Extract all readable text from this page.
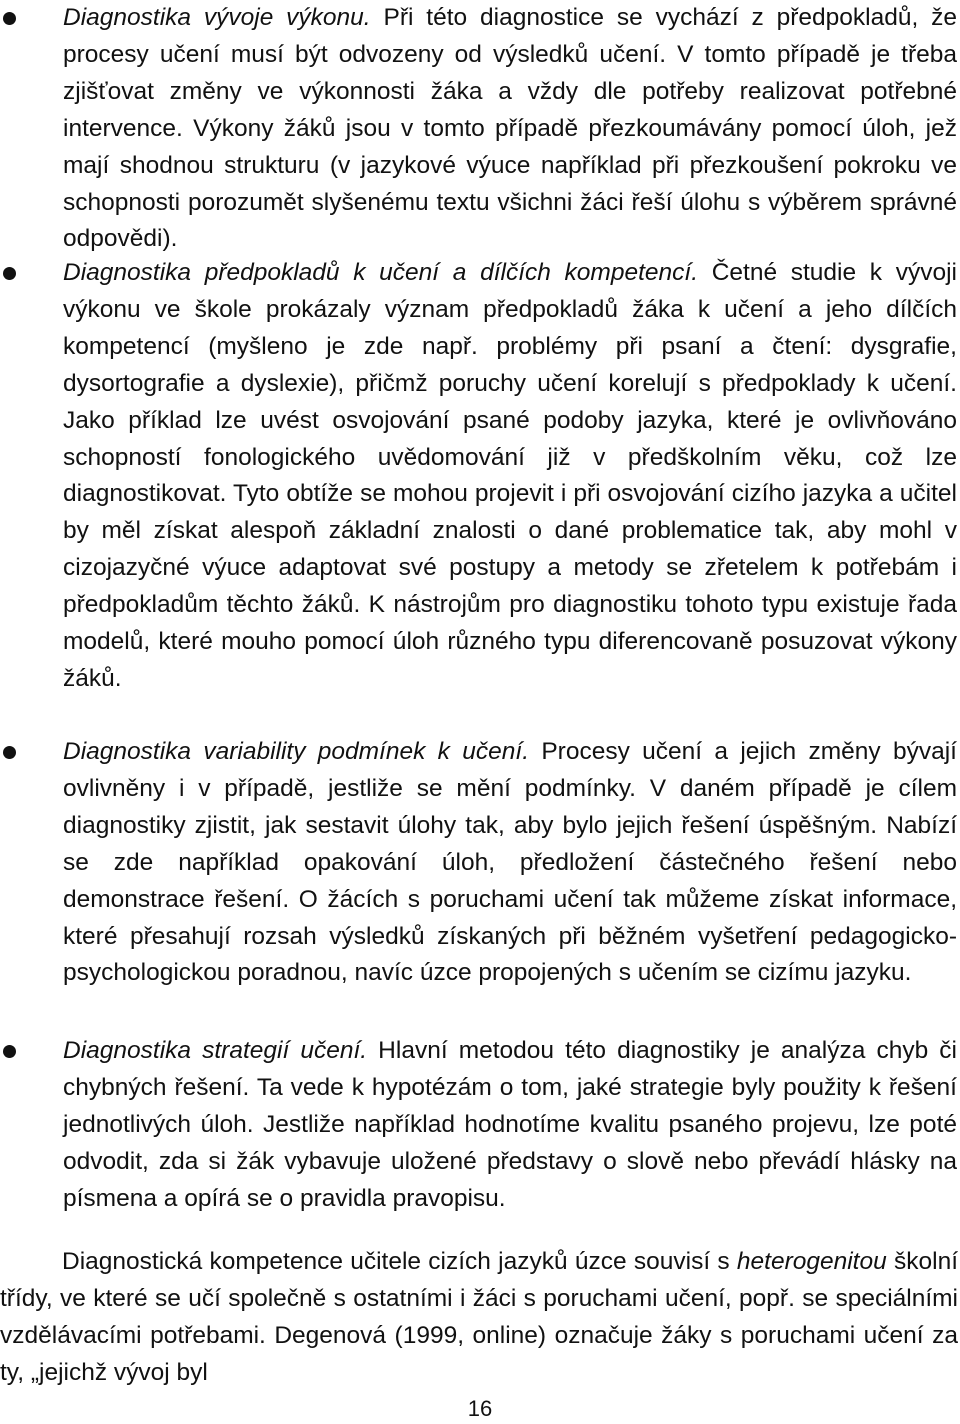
Diagnostika vývoje výkonu. Při této diagnostice se vychází z předpokladů, že procesy učení musí být odvozeny od výsledků učení. V tomto případě je třeba zjišťovat změny ve výkonnosti žáka a vždy dle potřeby realizovat potřebné intervence. Výkony žáků jsou v tomto případě přezkoumávány pomocí úloh, jež mají shodnou strukturu (v jazykové výuce například při přezkoušení pokroku ve schopnosti porozumět slyšenému textu všichni žáci řeší úlohu s výběrem správné odpovědi).
Diagnostika předpokladů k učení a dílčích kompetencí. Četné studie k vývoji výkonu ve škole prokázaly význam předpokladů žáka k učení a jeho dílčích kompetencí (myšleno je zde např. problémy při psaní a čtení: dysgrafie, dysortografie a dyslexie), přičmž poruchy učení korelují s předpoklady k učení. Jako příklad lze uvést osvojování psané podoby jazyka, které je ovlivňováno schopností fonologického uvědomování již v předškolním věku, což lze diagnostikovat. Tyto obtíže se mohou projevit i při osvojování cizího jazyka a učitel by měl získat alespoň základní znalosti o dané problematice tak, aby mohl v cizojazyčné výuce adaptovat své postupy a metody se zřetelem k potřebám i předpokladům těchto žáků. K nástrojům pro diagnostiku tohoto typu existuje řada modelů, které mouho pomocí úloh různého typu diferencovaně posuzovat výkony žáků.
Diagnostika variability podmínek k učení. Procesy učení a jejich změny bývají ovlivněny i v případě, jestliže se mění podmínky. V daném případě je cílem diagnostiky zjistit, jak sestavit úlohy tak, aby bylo jejich řešení úspěšným. Nabízí se zde například opakování úloh, předložení částečného řešení nebo demonstrace řešení. O žácích s poruchami učení tak můžeme získat informace, které přesahují rozsah výsledků získaných při běžném vyšetření pedagogicko-psychologickou poradnou, navíc úzce propojených s učením se cizímu jazyku.
Diagnostika strategií učení. Hlavní metodou této diagnostiky je analýza chyb či chybných řešení. Ta vede k hypotézám o tom, jaké strategie byly použity k řešení jednotlivých úloh. Jestliže například hodnotíme kvalitu psaného projevu, lze poté odvodit, zda si žák vybavuje uložené představy o slově nebo převádí hlásky na písmena a opírá se o pravidla pravopisu.
Diagnostická kompetence učitele cizích jazyků úzce souvisí s heterogenitou školní třídy, ve které se učí společně s ostatními i žáci s poruchami učení, popř. se speciálními vzdělávacími potřebami. Degenová (1999, online) označuje žáky s poruchami učení za ty, „jejichž vývoj byl
16
